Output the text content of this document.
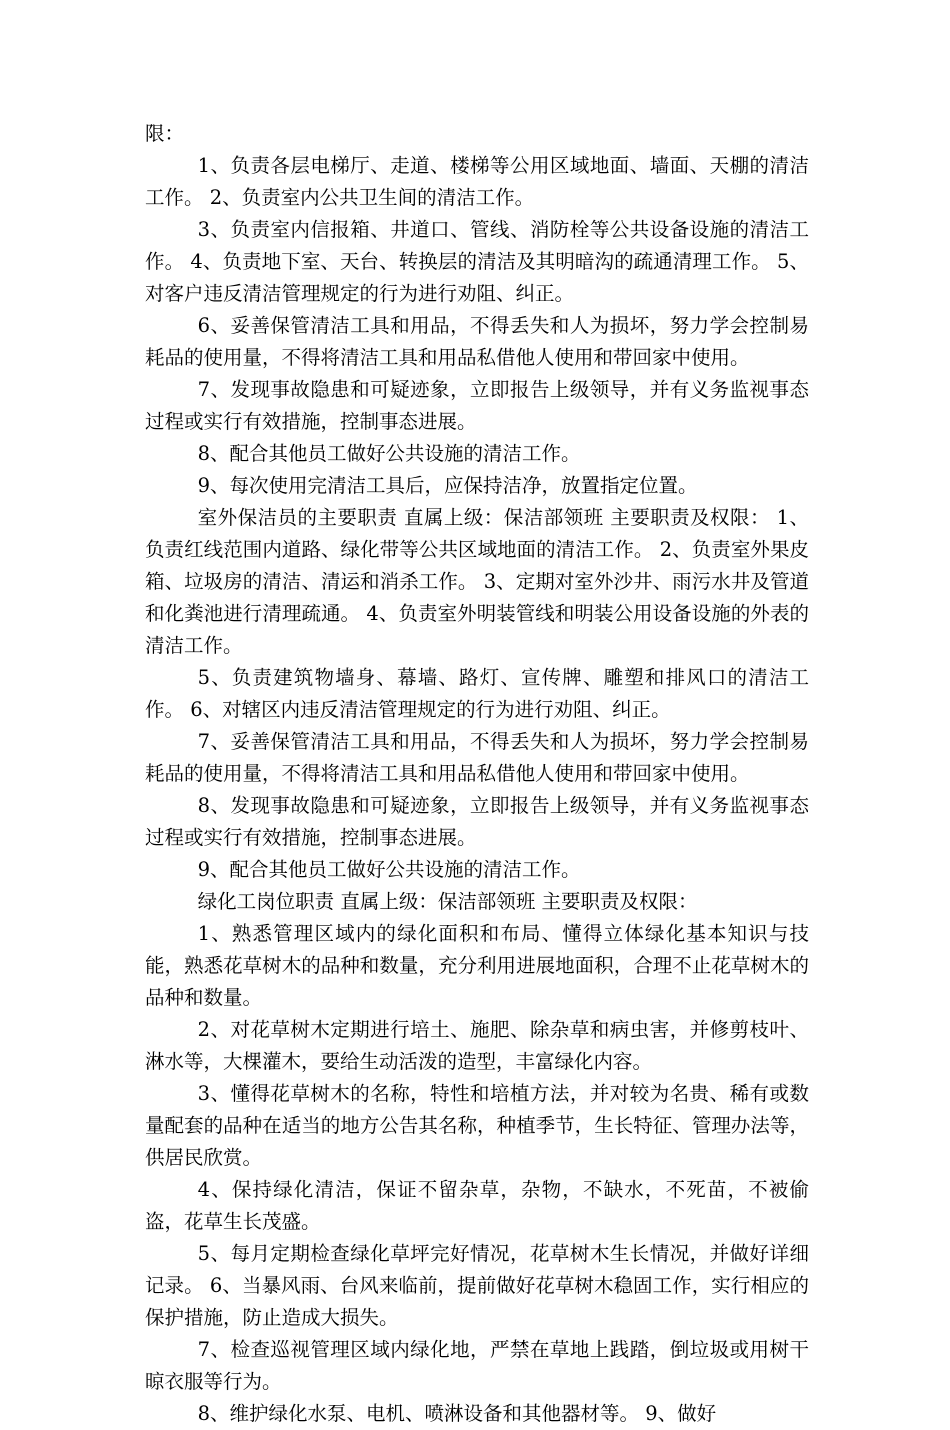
限：

1、负责各层电梯厅、走道、楼梯等公用区域地面、墙面、天棚的清洁工作。 2、负责室内公共卫生间的清洁工作。

3、负责室内信报箱、井道口、管线、消防栓等公共设备设施的清洁工作。 4、负责地下室、天台、转换层的清洁及其明暗沟的疏通清理工作。 5、对客户违反清洁管理规定的行为进行劝阻、纠正。

6、妥善保管清洁工具和用品，不得丢失和人为损坏，努力学会控制易耗品的使用量，不得将清洁工具和用品私借他人使用和带回家中使用。

7、发现事故隐患和可疑迹象，立即报告上级领导，并有义务监视事态过程或实行有效措施，控制事态进展。

8、配合其他员工做好公共设施的清洁工作。

9、每次使用完清洁工具后，应保持洁净，放置指定位置。

室外保洁员的主要职责 直属上级：保洁部领班 主要职责及权限： 1、负责红线范围内道路、绿化带等公共区域地面的清洁工作。 2、负责室外果皮箱、垃圾房的清洁、清运和消杀工作。 3、定期对室外沙井、雨污水井及管道和化粪池进行清理疏通。 4、负责室外明装管线和明装公用设备设施的外表的清洁工作。

5、负责建筑物墙身、幕墙、路灯、宣传牌、雕塑和排风口的清洁工作。 6、对辖区内违反清洁管理规定的行为进行劝阻、纠正。

7、妥善保管清洁工具和用品，不得丢失和人为损坏，努力学会控制易耗品的使用量，不得将清洁工具和用品私借他人使用和带回家中使用。

8、发现事故隐患和可疑迹象，立即报告上级领导，并有义务监视事态过程或实行有效措施，控制事态进展。

9、配合其他员工做好公共设施的清洁工作。

绿化工岗位职责 直属上级：保洁部领班 主要职责及权限：

1、熟悉管理区域内的绿化面积和布局、懂得立体绿化基本知识与技能，熟悉花草树木的品种和数量，充分利用进展地面积，合理不止花草树木的品种和数量。

2、对花草树木定期进行培土、施肥、除杂草和病虫害，并修剪枝叶、淋水等，大棵灌木，要给生动活泼的造型，丰富绿化内容。

3、懂得花草树木的名称，特性和培植方法，并对较为名贵、稀有或数量配套的品种在适当的地方公告其名称，种植季节，生长特征、管理办法等，供居民欣赏。

4、保持绿化清洁，保证不留杂草，杂物，不缺水，不死苗，不被偷盗，花草生长茂盛。

5、每月定期检查绿化草坪完好情况，花草树木生长情况，并做好详细记录。 6、当暴风雨、台风来临前，提前做好花草树木稳固工作，实行相应的保护措施，防止造成大损失。

7、检查巡视管理区域内绿化地，严禁在草地上践踏，倒垃圾或用树干晾衣服等行为。

8、维护绿化水泵、电机、喷淋设备和其他器材等。 9、做好
